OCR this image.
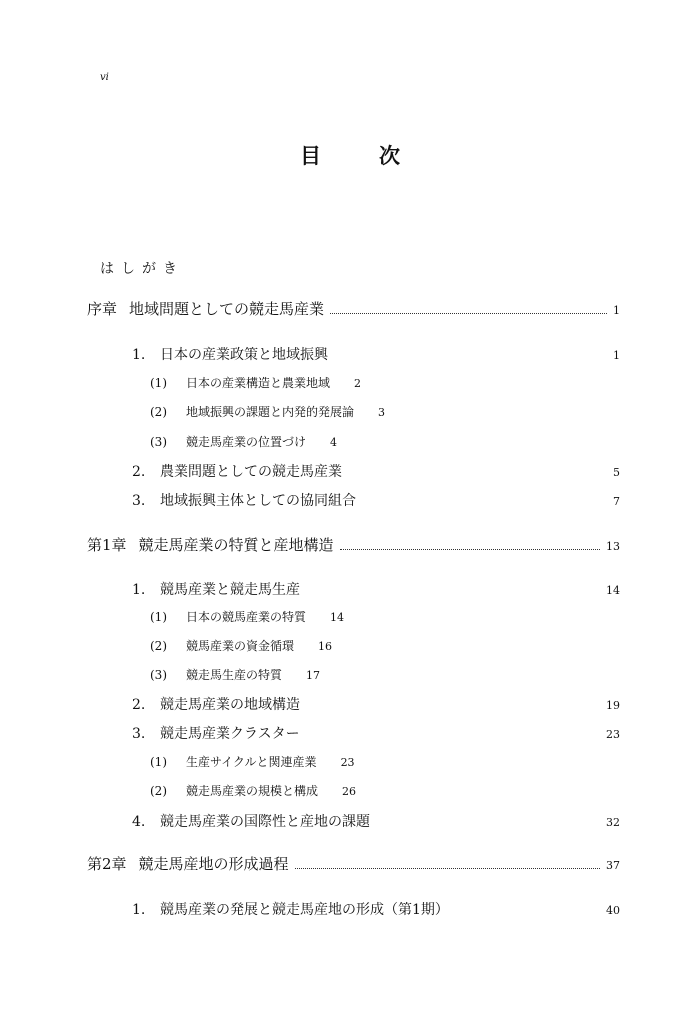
vi
目	次
はしがき
序章 地域問題としての競走馬産業	1
1.	日本の産業政策と地域振興	1
(1)	日本の産業構造と農業地域 2
(2)	地域振興の課題と内発的発展論 3
(3)	競走馬産業の位置づけ 4
2.	農業問題としての競走馬産業	5
3.	地域振興主体としての協同組合	7
第1章 競走馬産業の特質と産地構造	13
1.	競馬産業と競走馬生産	14
(1)	日本の競馬産業の特質 14
(2)	競馬産業の資金循環 16
(3)	競走馬生産の特質 17
2.	競走馬産業の地域構造	19
3.	競走馬産業クラスター	23
(1)	生産サイクルと関連産業 23
(2)	競走馬産業の規模と構成 26
4.	競走馬産業の国際性と産地の課題	32
第2章 競走馬産地の形成過程	37
1.	競馬産業の発展と競走馬産地の形成（第1期）	40
